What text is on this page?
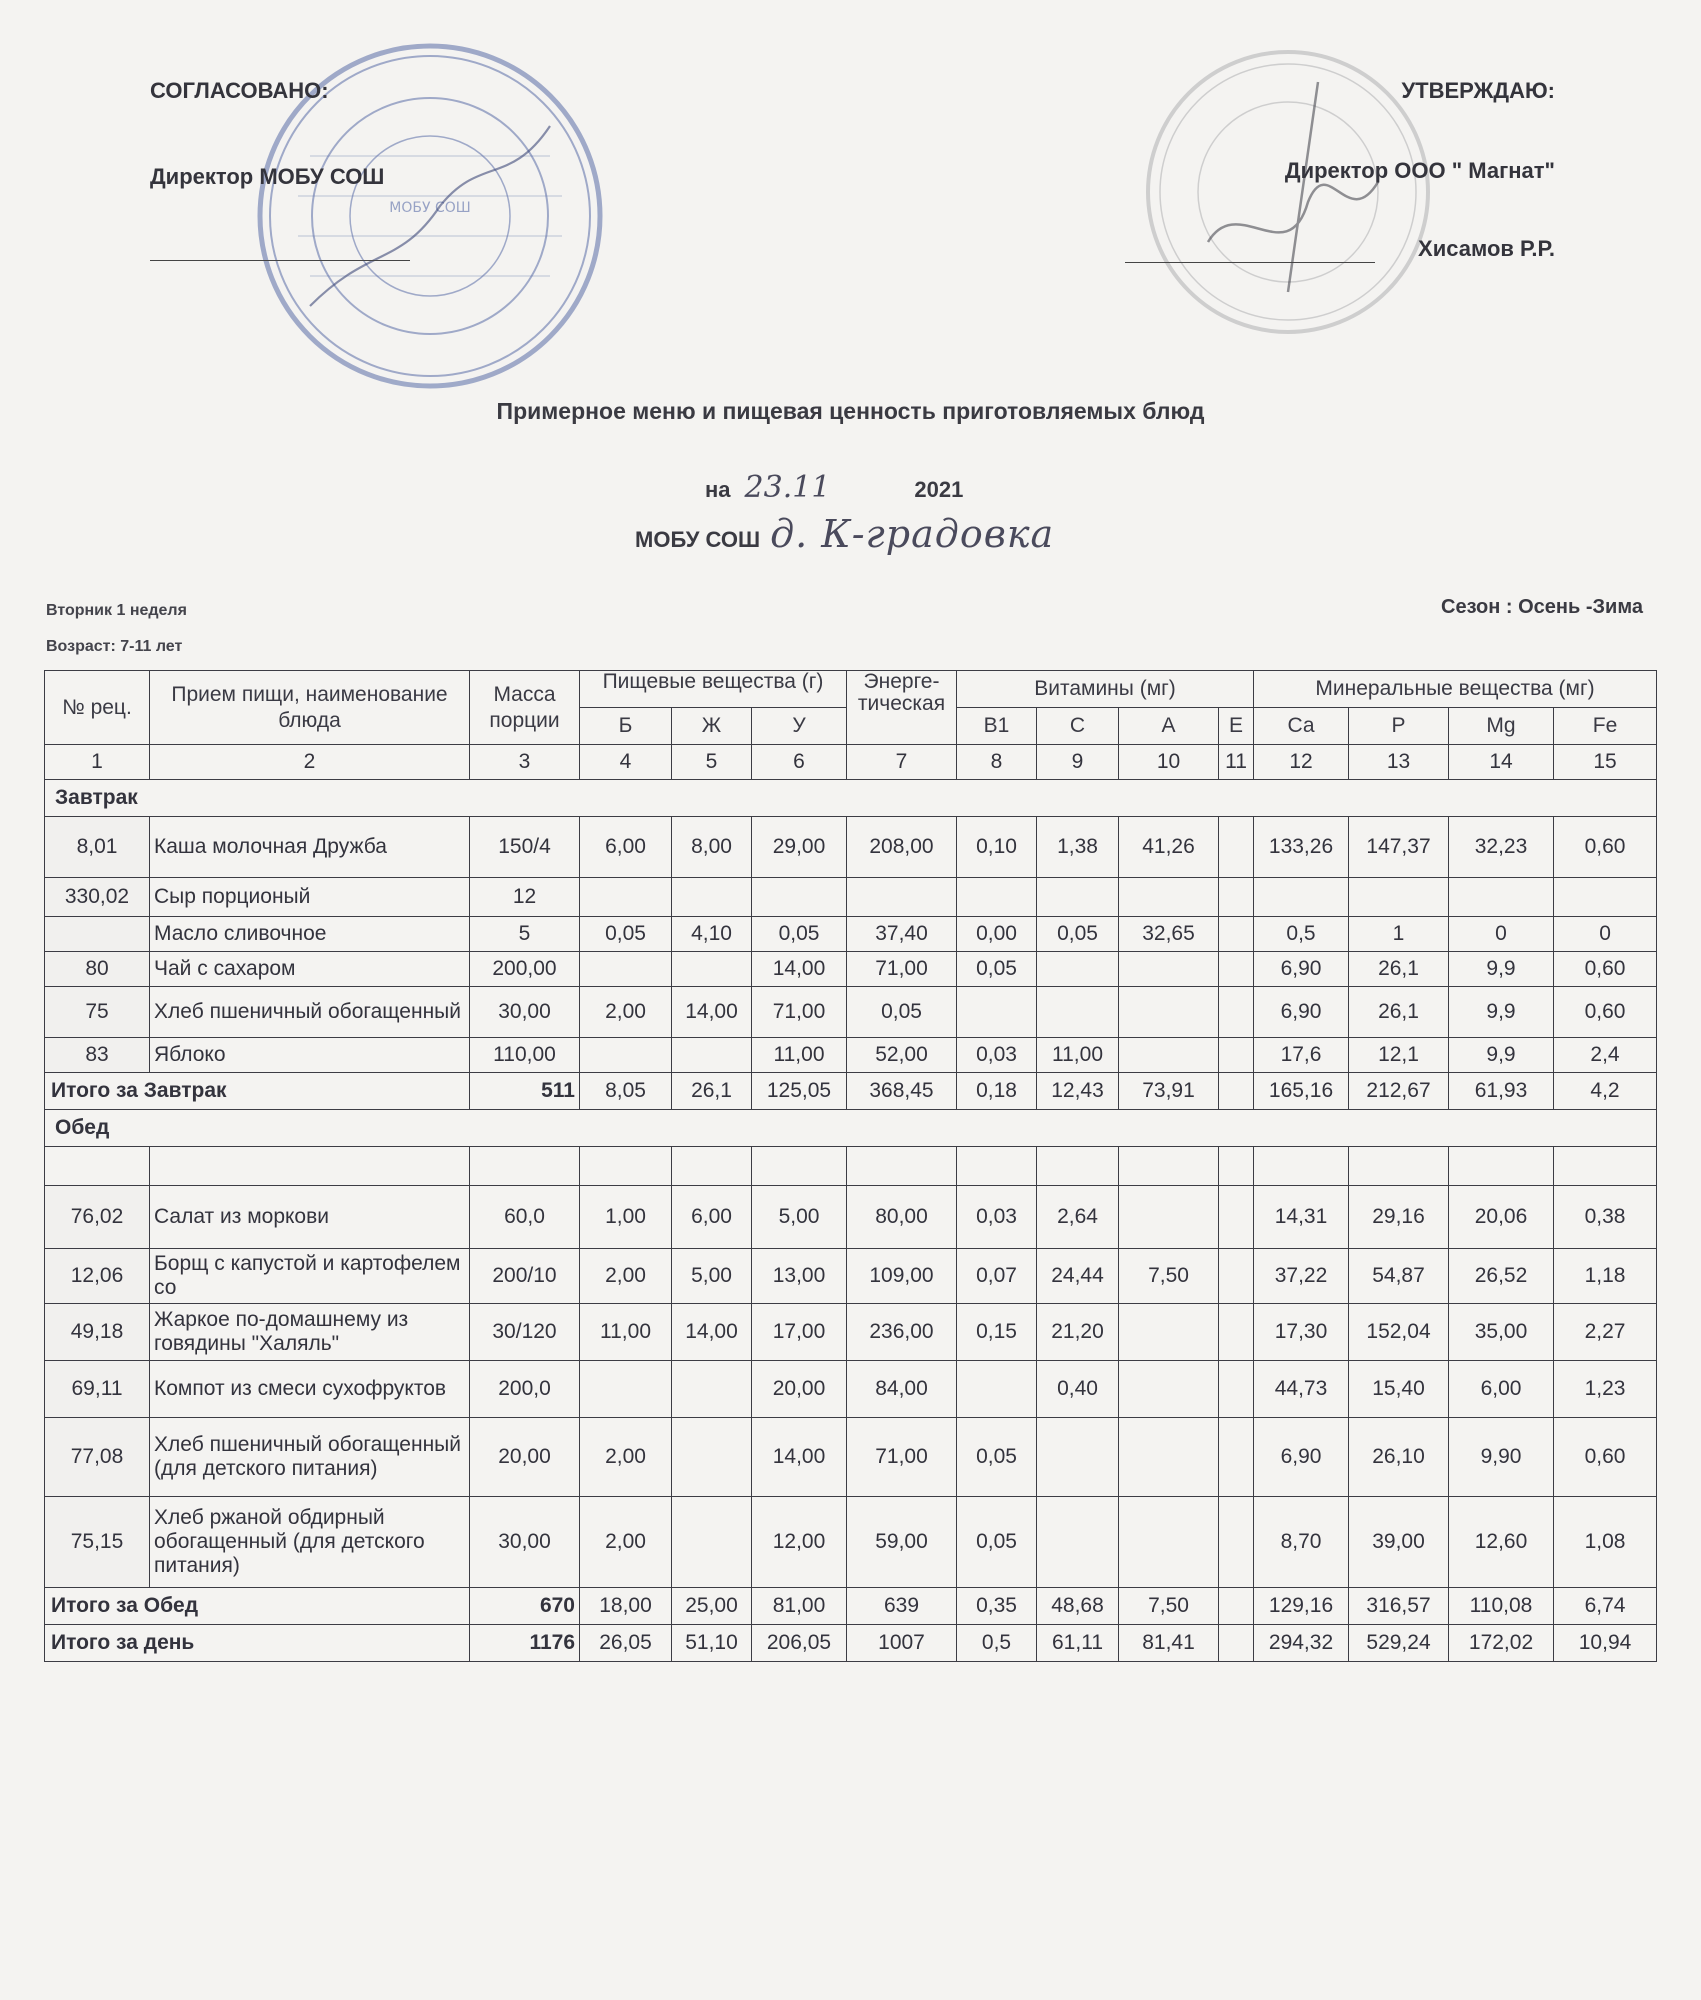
МОБУ СОШ
СОГЛАСОВАНО:
Директор МОБУ СОШ
УТВЕРЖДАЮ:
Директор ООО " Магнат"
Хисамов Р.Р.
Примерное меню и пищевая ценность приготовляемых блюд
на 23.11	2021
МОБУ СОШ д. К-градовка
Вторник 1 неделя
Возраст: 7-11 лет
Сезон : Осень -Зима
№ рец.	Прием пищи, наименование блюда	Масса порции	Пищевые вещества (г)			Энерге-тическая	Витамины (мг)				Минеральные вещества (мг)			
			Б	Ж	У		В1	С	А	Е	Са	Р	Mg	Fe
1	2	3	4	5	6	7	8	9	10	11	12	13	14	15
Завтрак														
8,01	Каша молочная Дружба	150/4	6,00	8,00	29,00	208,00	0,10	1,38	41,26		133,26	147,37	32,23	0,60
330,02	Сыр порционый	12												
	Масло сливочное	5	0,05	4,10	0,05	37,40	0,00	0,05	32,65		0,5	1	0	0
80	Чай с сахаром	200,00			14,00	71,00	0,05				6,90	26,1	9,9	0,60
75	Хлеб пшеничный обогащенный	30,00	2,00	14,00	71,00	0,05					6,90	26,1	9,9	0,60
83	Яблоко	110,00			11,00	52,00	0,03	11,00			17,6	12,1	9,9	2,4
Итого за Завтрак		511	8,05	26,1	125,05	368,45	0,18	12,43	73,91		165,16	212,67	61,93	4,2
Обед														

76,02	Салат из моркови	60,0	1,00	6,00	5,00	80,00	0,03	2,64			14,31	29,16	20,06	0,38
12,06	Борщ с капустой и картофелем со	200/10	2,00	5,00	13,00	109,00	0,07	24,44	7,50		37,22	54,87	26,52	1,18
49,18	Жаркое по-домашнему из говядины "Халяль"	30/120	11,00	14,00	17,00	236,00	0,15	21,20			17,30	152,04	35,00	2,27
69,11	Компот из смеси сухофруктов	200,0			20,00	84,00		0,40			44,73	15,40	6,00	1,23
77,08	Хлеб пшеничный обогащенный (для детского питания)	20,00	2,00		14,00	71,00	0,05				6,90	26,10	9,90	0,60
75,15	Хлеб ржаной обдирный обогащенный (для детского питания)	30,00	2,00		12,00	59,00	0,05				8,70	39,00	12,60	1,08
Итого за Обед		670	18,00	25,00	81,00	639	0,35	48,68	7,50		129,16	316,57	110,08	6,74
Итого за день		1176	26,05	51,10	206,05	1007	0,5	61,11	81,41		294,32	529,24	172,02	10,94
